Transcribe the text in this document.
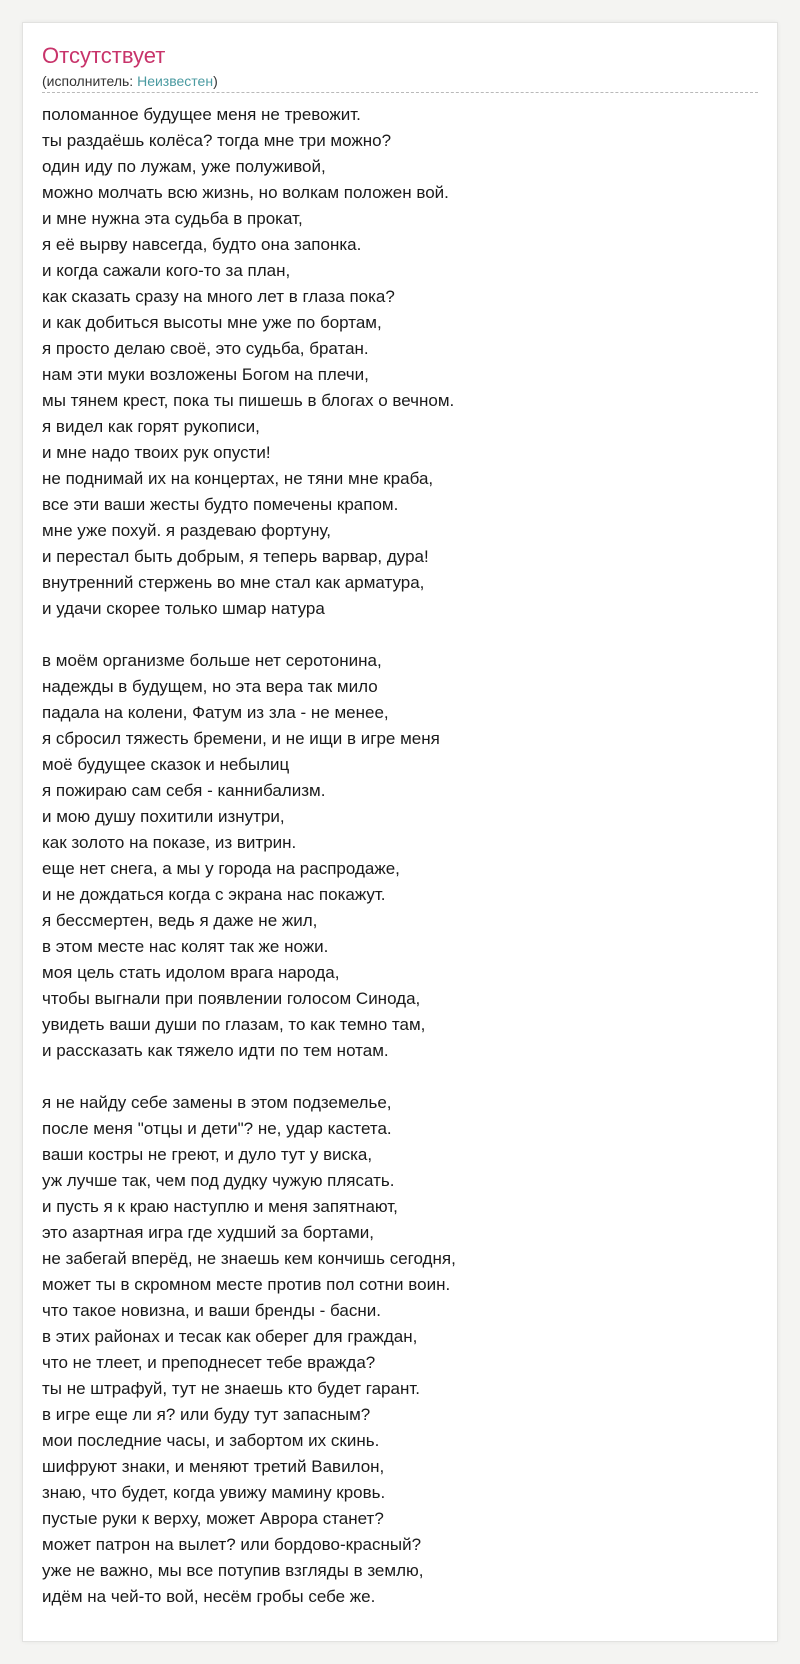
Отсутствует
(исполнитель: Неизвестен)
поломанное будущее меня не тревожит.
ты раздаёшь колёса? тогда мне три можно?
один иду по лужам, уже полуживой,
можно молчать всю жизнь, но волкам положен вой.
и мне нужна эта судьба в прокат,
я её вырву навсегда, будто она запонка.
и когда сажали кого-то за план,
как сказать сразу на много лет в глаза пока?
и как добиться высоты мне уже по бортам,
я просто делаю своё, это судьба, братан.
нам эти муки возложены Богом на плечи,
мы тянем крест, пока ты пишешь в блогах о вечном.
я видел как горят рукописи,
и мне надо твоих рук опусти!
не поднимай их на концертах, не тяни мне краба,
все эти ваши жесты будто помечены крапом.
мне уже похуй. я раздеваю фортуну,
и перестал быть добрым, я теперь варвар, дура!
внутренний стержень во мне стал как арматура,
и удачи скорее только шмар натура
в моём организме больше нет серотонина,
надежды в будущем, но эта вера так мило
падала на колени, Фатум из зла - не менее,
я сбросил тяжесть бремени, и не ищи в игре меня
моё будущее сказок и небылиц
я пожираю сам себя - каннибализм.
и мою душу похитили изнутри,
как золото на показе, из витрин.
еще нет снега, а мы у города на распродаже,
и не дождаться когда с экрана нас покажут.
я бессмертен, ведь я даже не жил,
в этом месте нас колят так же ножи.
моя цель стать идолом врага народа,
чтобы выгнали при появлении голосом Синода,
увидеть ваши души по глазам, то как темно там,
и рассказать как тяжело идти по тем нотам.
я не найду себе замены в этом подземелье,
после меня "отцы и дети"? не, удар кастета.
ваши костры не греют, и дуло тут у виска,
уж лучше так, чем под дудку чужую плясать.
и пусть я к краю наступлю и меня запятнают,
это азартная игра где худший за бортами,
не забегай вперёд, не знаешь кем кончишь сегодня,
может ты в скромном месте против пол сотни воин.
что такое новизна, и ваши бренды - басни.
в этих районах и тесак как оберег для граждан,
что не тлеет, и преподнесет тебе вражда?
ты не штрафуй, тут не знаешь кто будет гарант.
в игре еще ли я? или буду тут запасным?
мои последние часы, и забортом их скинь.
шифруют знаки, и меняют третий Вавилон,
знаю, что будет, когда увижу мамину кровь.
пустые руки к верху, может Аврора станет?
может патрон на вылет? или бордово-красный?
уже не важно, мы все потупив взгляды в землю,
идём на чей-то вой, несём гробы себе же.
